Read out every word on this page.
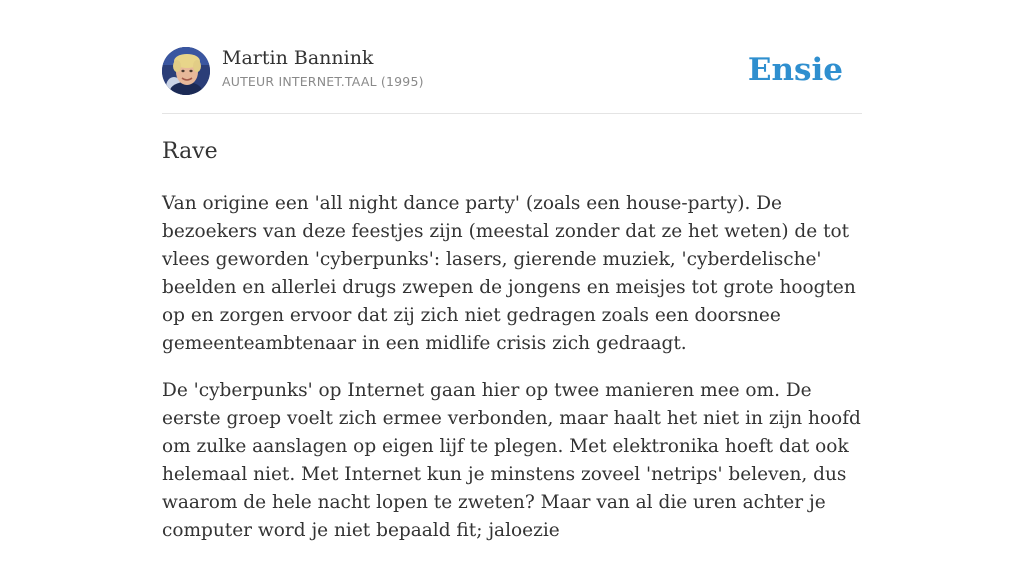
Martin Bannink
AUTEUR INTERNET.TAAL (1995)	Ensie
Rave

Van origine een 'all night dance party' (zoals een house-party). De bezoekers van deze feestjes zijn (meestal zonder dat ze het weten) de tot vlees geworden 'cyberpunks': lasers, gierende muziek, 'cyberdelische' beelden en allerlei drugs zwepen de jongens en meisjes tot grote hoogten op en zorgen ervoor dat zij zich niet gedragen zoals een doorsnee gemeenteambtenaar in een midlife crisis zich gedraagt.

De 'cyberpunks' op Internet gaan hier op twee manieren mee om. De eerste groep voelt zich ermee verbonden, maar haalt het niet in zijn hoofd om zulke aanslagen op eigen lijf te plegen. Met elektronika hoeft dat ook helemaal niet. Met Internet kun je minstens zoveel 'netrips' beleven, dus waarom de hele nacht lopen te zweten? Maar van al die uren achter je computer word je niet bepaald fit; jaloezie
